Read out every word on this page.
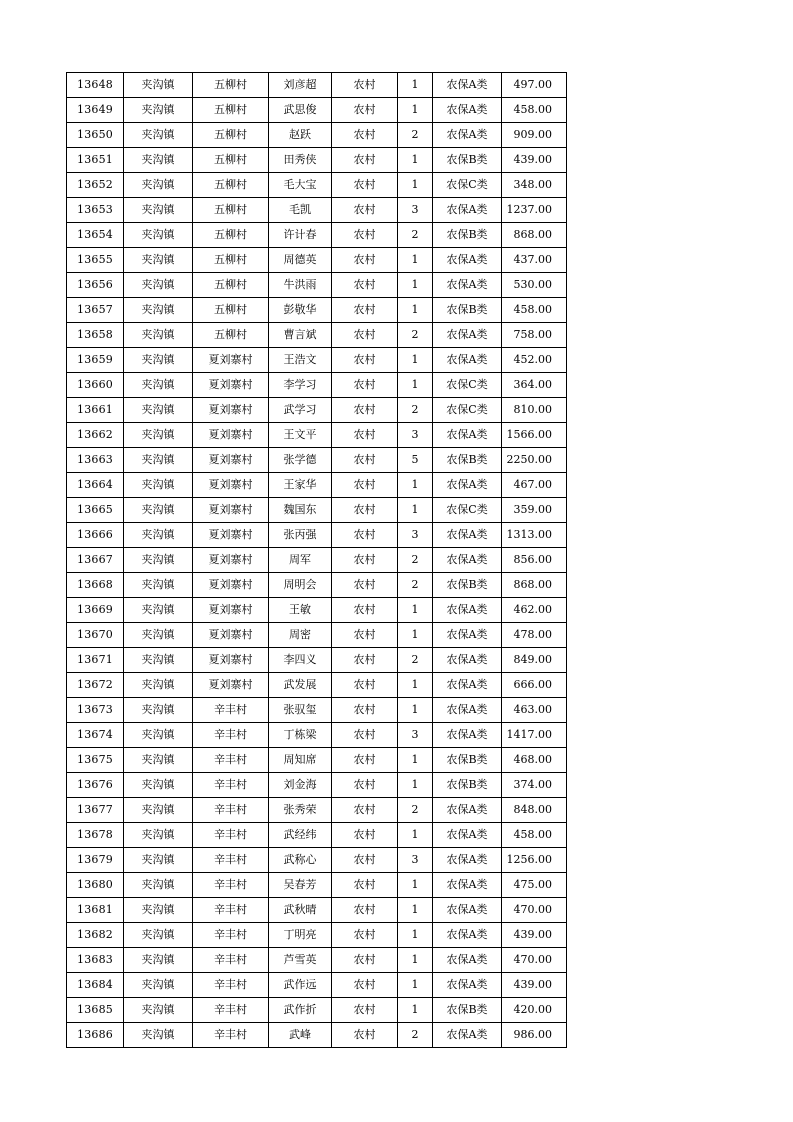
13648	夹沟镇	五柳村	刘彦超	农村	1	农保A类	497.00
13649	夹沟镇	五柳村	武思俊	农村	1	农保A类	458.00
13650	夹沟镇	五柳村	赵跃	农村	2	农保A类	909.00
13651	夹沟镇	五柳村	田秀侠	农村	1	农保B类	439.00
13652	夹沟镇	五柳村	毛大宝	农村	1	农保C类	348.00
13653	夹沟镇	五柳村	毛凯	农村	3	农保A类	1237.00
13654	夹沟镇	五柳村	许计春	农村	2	农保B类	868.00
13655	夹沟镇	五柳村	周德英	农村	1	农保A类	437.00
13656	夹沟镇	五柳村	牛洪雨	农村	1	农保A类	530.00
13657	夹沟镇	五柳村	彭敬华	农村	1	农保B类	458.00
13658	夹沟镇	五柳村	曹言斌	农村	2	农保A类	758.00
13659	夹沟镇	夏刘寨村	王浩文	农村	1	农保A类	452.00
13660	夹沟镇	夏刘寨村	李学习	农村	1	农保C类	364.00
13661	夹沟镇	夏刘寨村	武学习	农村	2	农保C类	810.00
13662	夹沟镇	夏刘寨村	王文平	农村	3	农保A类	1566.00
13663	夹沟镇	夏刘寨村	张学德	农村	5	农保B类	2250.00
13664	夹沟镇	夏刘寨村	王家华	农村	1	农保A类	467.00
13665	夹沟镇	夏刘寨村	魏国东	农村	1	农保C类	359.00
13666	夹沟镇	夏刘寨村	张丙强	农村	3	农保A类	1313.00
13667	夹沟镇	夏刘寨村	周军	农村	2	农保A类	856.00
13668	夹沟镇	夏刘寨村	周明会	农村	2	农保B类	868.00
13669	夹沟镇	夏刘寨村	王敏	农村	1	农保A类	462.00
13670	夹沟镇	夏刘寨村	周密	农村	1	农保A类	478.00
13671	夹沟镇	夏刘寨村	李四义	农村	2	农保A类	849.00
13672	夹沟镇	夏刘寨村	武发展	农村	1	农保A类	666.00
13673	夹沟镇	辛丰村	张驭玺	农村	1	农保A类	463.00
13674	夹沟镇	辛丰村	丁栋梁	农村	3	农保A类	1417.00
13675	夹沟镇	辛丰村	周知席	农村	1	农保B类	468.00
13676	夹沟镇	辛丰村	刘金海	农村	1	农保B类	374.00
13677	夹沟镇	辛丰村	张秀荣	农村	2	农保A类	848.00
13678	夹沟镇	辛丰村	武经纬	农村	1	农保A类	458.00
13679	夹沟镇	辛丰村	武称心	农村	3	农保A类	1256.00
13680	夹沟镇	辛丰村	吴春芳	农村	1	农保A类	475.00
13681	夹沟镇	辛丰村	武秋晴	农村	1	农保A类	470.00
13682	夹沟镇	辛丰村	丁明亮	农村	1	农保A类	439.00
13683	夹沟镇	辛丰村	芦雪英	农村	1	农保A类	470.00
13684	夹沟镇	辛丰村	武作远	农村	1	农保A类	439.00
13685	夹沟镇	辛丰村	武作折	农村	1	农保B类	420.00
13686	夹沟镇	辛丰村	武峰	农村	2	农保A类	986.00
